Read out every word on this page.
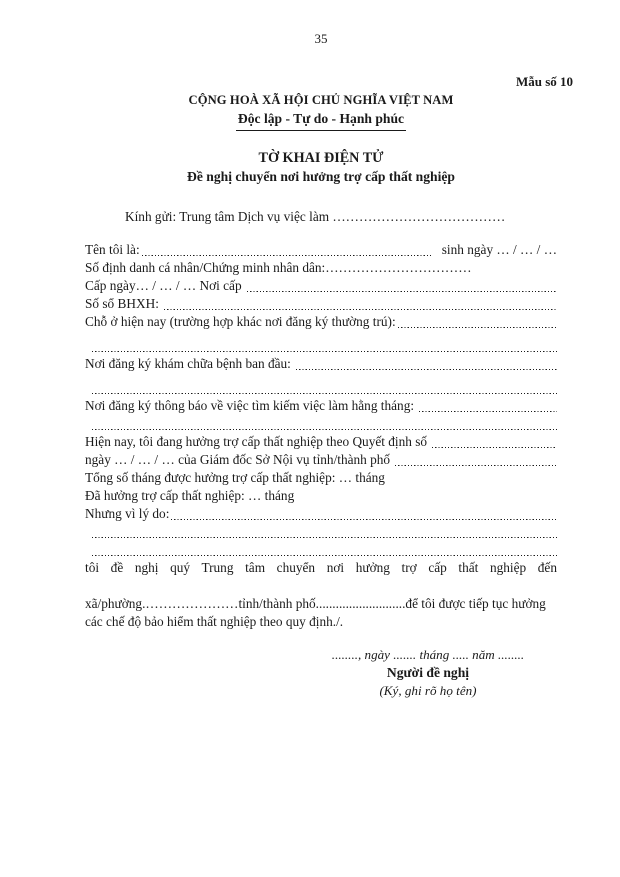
35
Mẫu số 10
CỘNG HOÀ XÃ HỘI CHỦ NGHĨA VIỆT NAM
Độc lập - Tự do - Hạnh phúc
TỜ KHAI ĐIỆN TỬ
Đề nghị chuyển nơi hưởng trợ cấp thất nghiệp
Kính gửi: Trung tâm Dịch vụ việc làm …………………………………
Tên tôi là:	sinh ngày … / … / …
Số định danh cá nhân/Chứng minh nhân dân:……………………………
Cấp ngày… / … / … Nơi cấp
Số sổ BHXH:
Chỗ ở hiện nay (trường hợp khác nơi đăng ký thường trú):
Nơi đăng ký khám chữa bệnh ban đầu:
Nơi đăng ký thông báo về việc tìm kiếm việc làm hằng tháng:
Hiện nay, tôi đang hưởng trợ cấp thất nghiệp theo Quyết định số
ngày … / … / … của Giám đốc Sở Nội vụ tỉnh/thành phố
Tổng số tháng được hưởng trợ cấp thất nghiệp: … tháng
Đã hưởng trợ cấp thất nghiệp: … tháng
Nhưng vì lý do:
tôi đề nghị quý Trung tâm chuyển nơi hưởng trợ cấp thất nghiệp đến
xã/phường.…………………tỉnh/thành phố...........................để tôi được tiếp tục hưởng
các chế độ bảo hiểm thất nghiệp theo quy định./.
........, ngày ....... tháng ..... năm ........
Người đề nghị
(Ký, ghi rõ họ tên)
